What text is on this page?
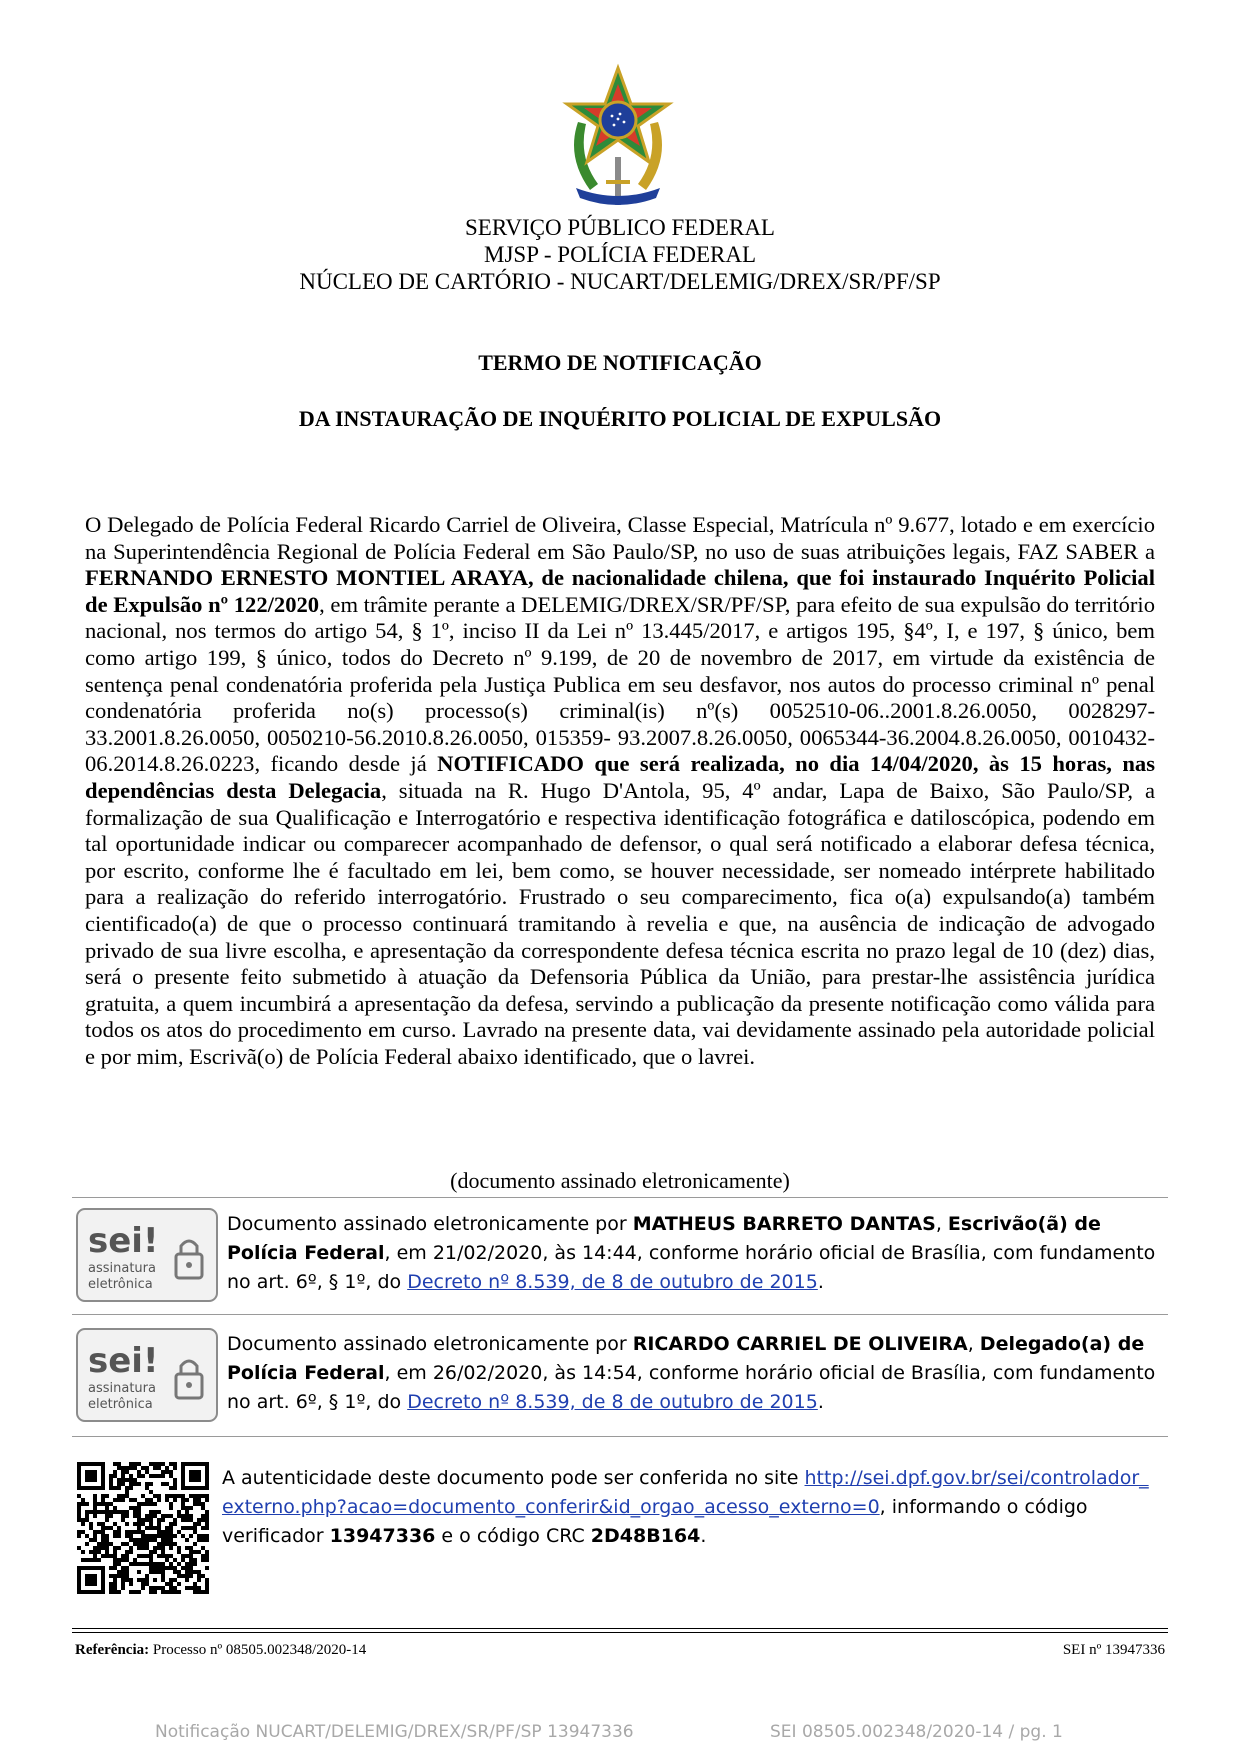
SERVIÇO PÚBLICO FEDERAL
MJSP - POLÍCIA FEDERAL
NÚCLEO DE CARTÓRIO - NUCART/DELEMIG/DREX/SR/PF/SP
TERMO DE NOTIFICAÇÃO
DA INSTAURAÇÃO DE INQUÉRITO POLICIAL DE EXPULSÃO
O Delegado de Polícia Federal Ricardo Carriel de Oliveira, Classe Especial, Matrícula nº 9.677, lotado e em exercício na Superintendência Regional de Polícia Federal em São Paulo/SP, no uso de suas atribuições legais, FAZ SABER a FERNANDO ERNESTO MONTIEL ARAYA, de nacionalidade chilena, que foi instaurado Inquérito Policial de Expulsão nº 122/2020, em trâmite perante a DELEMIG/DREX/SR/PF/SP, para efeito de sua expulsão do território nacional, nos termos do artigo 54, § 1º, inciso II da Lei nº 13.445/2017, e artigos 195, §4º, I, e 197, § único, bem como artigo 199, § único, todos do Decreto nº 9.199, de 20 de novembro de 2017, em virtude da existência de sentença penal condenatória proferida pela Justiça Publica em seu desfavor, nos autos do processo criminal nº penal condenatória proferida no(s) processo(s) criminal(is) nº(s) 0052510-06..2001.8.26.0050, 0028297- 33.2001.8.26.0050, 0050210-56.2010.8.26.0050, 015359- 93.2007.8.26.0050, 0065344-36.2004.8.26.0050, 0010432- 06.2014.8.26.0223, ficando desde já NOTIFICADO que será realizada, no dia 14/04/2020, às 15 horas, nas dependências desta Delegacia, situada na R. Hugo D'Antola, 95, 4º andar, Lapa de Baixo, São Paulo/SP, a formalização de sua Qualificação e Interrogatório e respectiva identificação fotográfica e datiloscópica, podendo em tal oportunidade indicar ou comparecer acompanhado de defensor, o qual será notificado a elaborar defesa técnica, por escrito, conforme lhe é facultado em lei, bem como, se houver necessidade, ser nomeado intérprete habilitado para a realização do referido interrogatório. Frustrado o seu comparecimento, fica o(a) expulsando(a) também cientificado(a) de que o processo continuará tramitando à revelia e que, na ausência de indicação de advogado privado de sua livre escolha, e apresentação da correspondente defesa técnica escrita no prazo legal de 10 (dez) dias, será o presente feito submetido à atuação da Defensoria Pública da União, para prestar-lhe assistência jurídica gratuita, a quem incumbirá a apresentação da defesa, servindo a publicação da presente notificação como válida para todos os atos do procedimento em curso. Lavrado na presente data, vai devidamente assinado pela autoridade policial e por mim, Escrivã(o) de Polícia Federal abaixo identificado, que o lavrei.
(documento assinado eletronicamente)
sei!
assinatura
eletrônica
Documento assinado eletronicamente por MATHEUS BARRETO DANTAS, Escrivão(ã) de Polícia Federal, em 21/02/2020, às 14:44, conforme horário oficial de Brasília, com fundamento no art. 6º, § 1º, do Decreto nº 8.539, de 8 de outubro de 2015.
sei!
assinatura
eletrônica
Documento assinado eletronicamente por RICARDO CARRIEL DE OLIVEIRA, Delegado(a) de Polícia Federal, em 26/02/2020, às 14:54, conforme horário oficial de Brasília, com fundamento no art. 6º, § 1º, do Decreto nº 8.539, de 8 de outubro de 2015.
A autenticidade deste documento pode ser conferida no site http://sei.dpf.gov.br/sei/controlador_externo.php?acao=documento_conferir&id_orgao_acesso_externo=0, informando o código verificador 13947336 e o código CRC 2D48B164.
Referência: Processo nº 08505.002348/2020-14	SEI nº 13947336
Notificação NUCART/DELEMIG/DREX/SR/PF/SP 13947336	SEI 08505.002348/2020-14 / pg. 1
